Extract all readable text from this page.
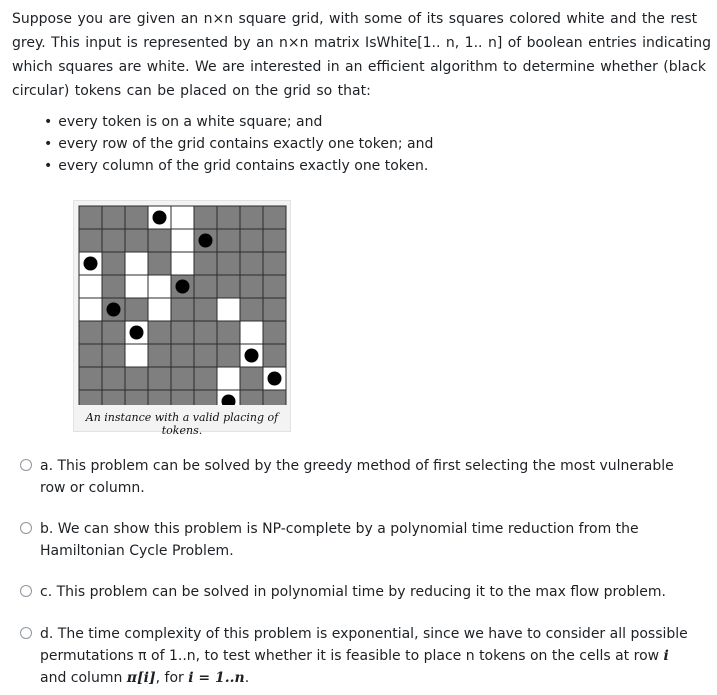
Suppose you are given an n×n square grid, with some of its squares colored white and the rest grey. This input is represented by an n×n matrix IsWhite[1.. n, 1.. n] of boolean entries indicating which squares are white. We are interested in an efficient algorithm to determine whether (black circular) tokens can be placed on the grid so that:

• every token is on a white square; and
• every row of the grid contains exactly one token; and
• every column of the grid contains exactly one token.
An instance with a valid placing of tokens.
a. This problem can be solved by the greedy method of first selecting the most vulnerable row or column.
b. We can show this problem is NP-complete by a polynomial time reduction from the Hamiltonian Cycle Problem.
c. This problem can be solved in polynomial time by reducing it to the max flow problem.
d. The time complexity of this problem is exponential, since we have to consider all possible permutations π of 1..n, to test whether it is feasible to place n tokens on the cells at row i and column π[i], for i = 1..n.
